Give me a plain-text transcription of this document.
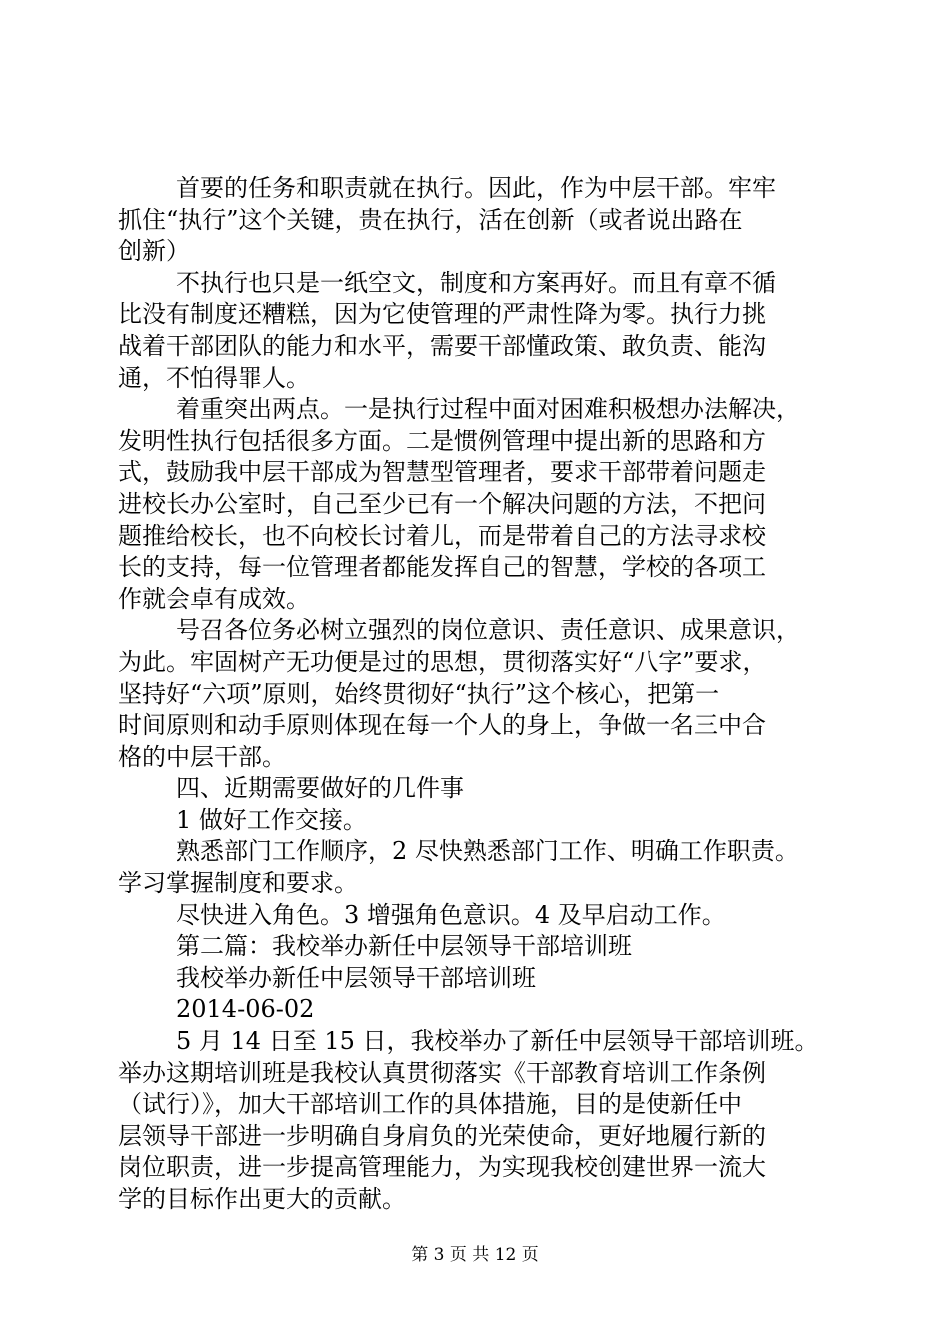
首要的任务和职责就在执行。因此，作为中层干部。牢牢
抓住“执行”这个关键，贵在执行，活在创新（或者说出路在
创新）
不执行也只是一纸空文，制度和方案再好。而且有章不循
比没有制度还糟糕，因为它使管理的严肃性降为零。执行力挑
战着干部团队的能力和水平，需要干部懂政策、敢负责、能沟
通，不怕得罪人。
着重突出两点。一是执行过程中面对困难积极想办法解决，
发明性执行包括很多方面。二是惯例管理中提出新的思路和方
式，鼓励我中层干部成为智慧型管理者，要求干部带着问题走
进校长办公室时，自己至少已有一个解决问题的方法，不把问
题推给校长，也不向校长讨着儿，而是带着自己的方法寻求校
长的支持，每一位管理者都能发挥自己的智慧，学校的各项工
作就会卓有成效。
号召各位务必树立强烈的岗位意识、责任意识、成果意识，
为此。牢固树产无功便是过的思想，贯彻落实好“八字”要求，
坚持好“六项”原则，始终贯彻好“执行”这个核心，把第一
时间原则和动手原则体现在每一个人的身上，争做一名三中合
格的中层干部。
四、近期需要做好的几件事
1 做好工作交接。
熟悉部门工作顺序，2 尽快熟悉部门工作、明确工作职责。
学习掌握制度和要求。
尽快进入角色。3 增强角色意识。4 及早启动工作。
第二篇：我校举办新任中层领导干部培训班
我校举办新任中层领导干部培训班
2014-06-02
5 月 14 日至 15 日，我校举办了新任中层领导干部培训班。
举办这期培训班是我校认真贯彻落实《干部教育培训工作条例
（试行）》，加大干部培训工作的具体措施，目的是使新任中
层领导干部进一步明确自身肩负的光荣使命，更好地履行新的
岗位职责，进一步提高管理能力，为实现我校创建世界一流大
学的目标作出更大的贡献。
第 3 页 共 12 页
